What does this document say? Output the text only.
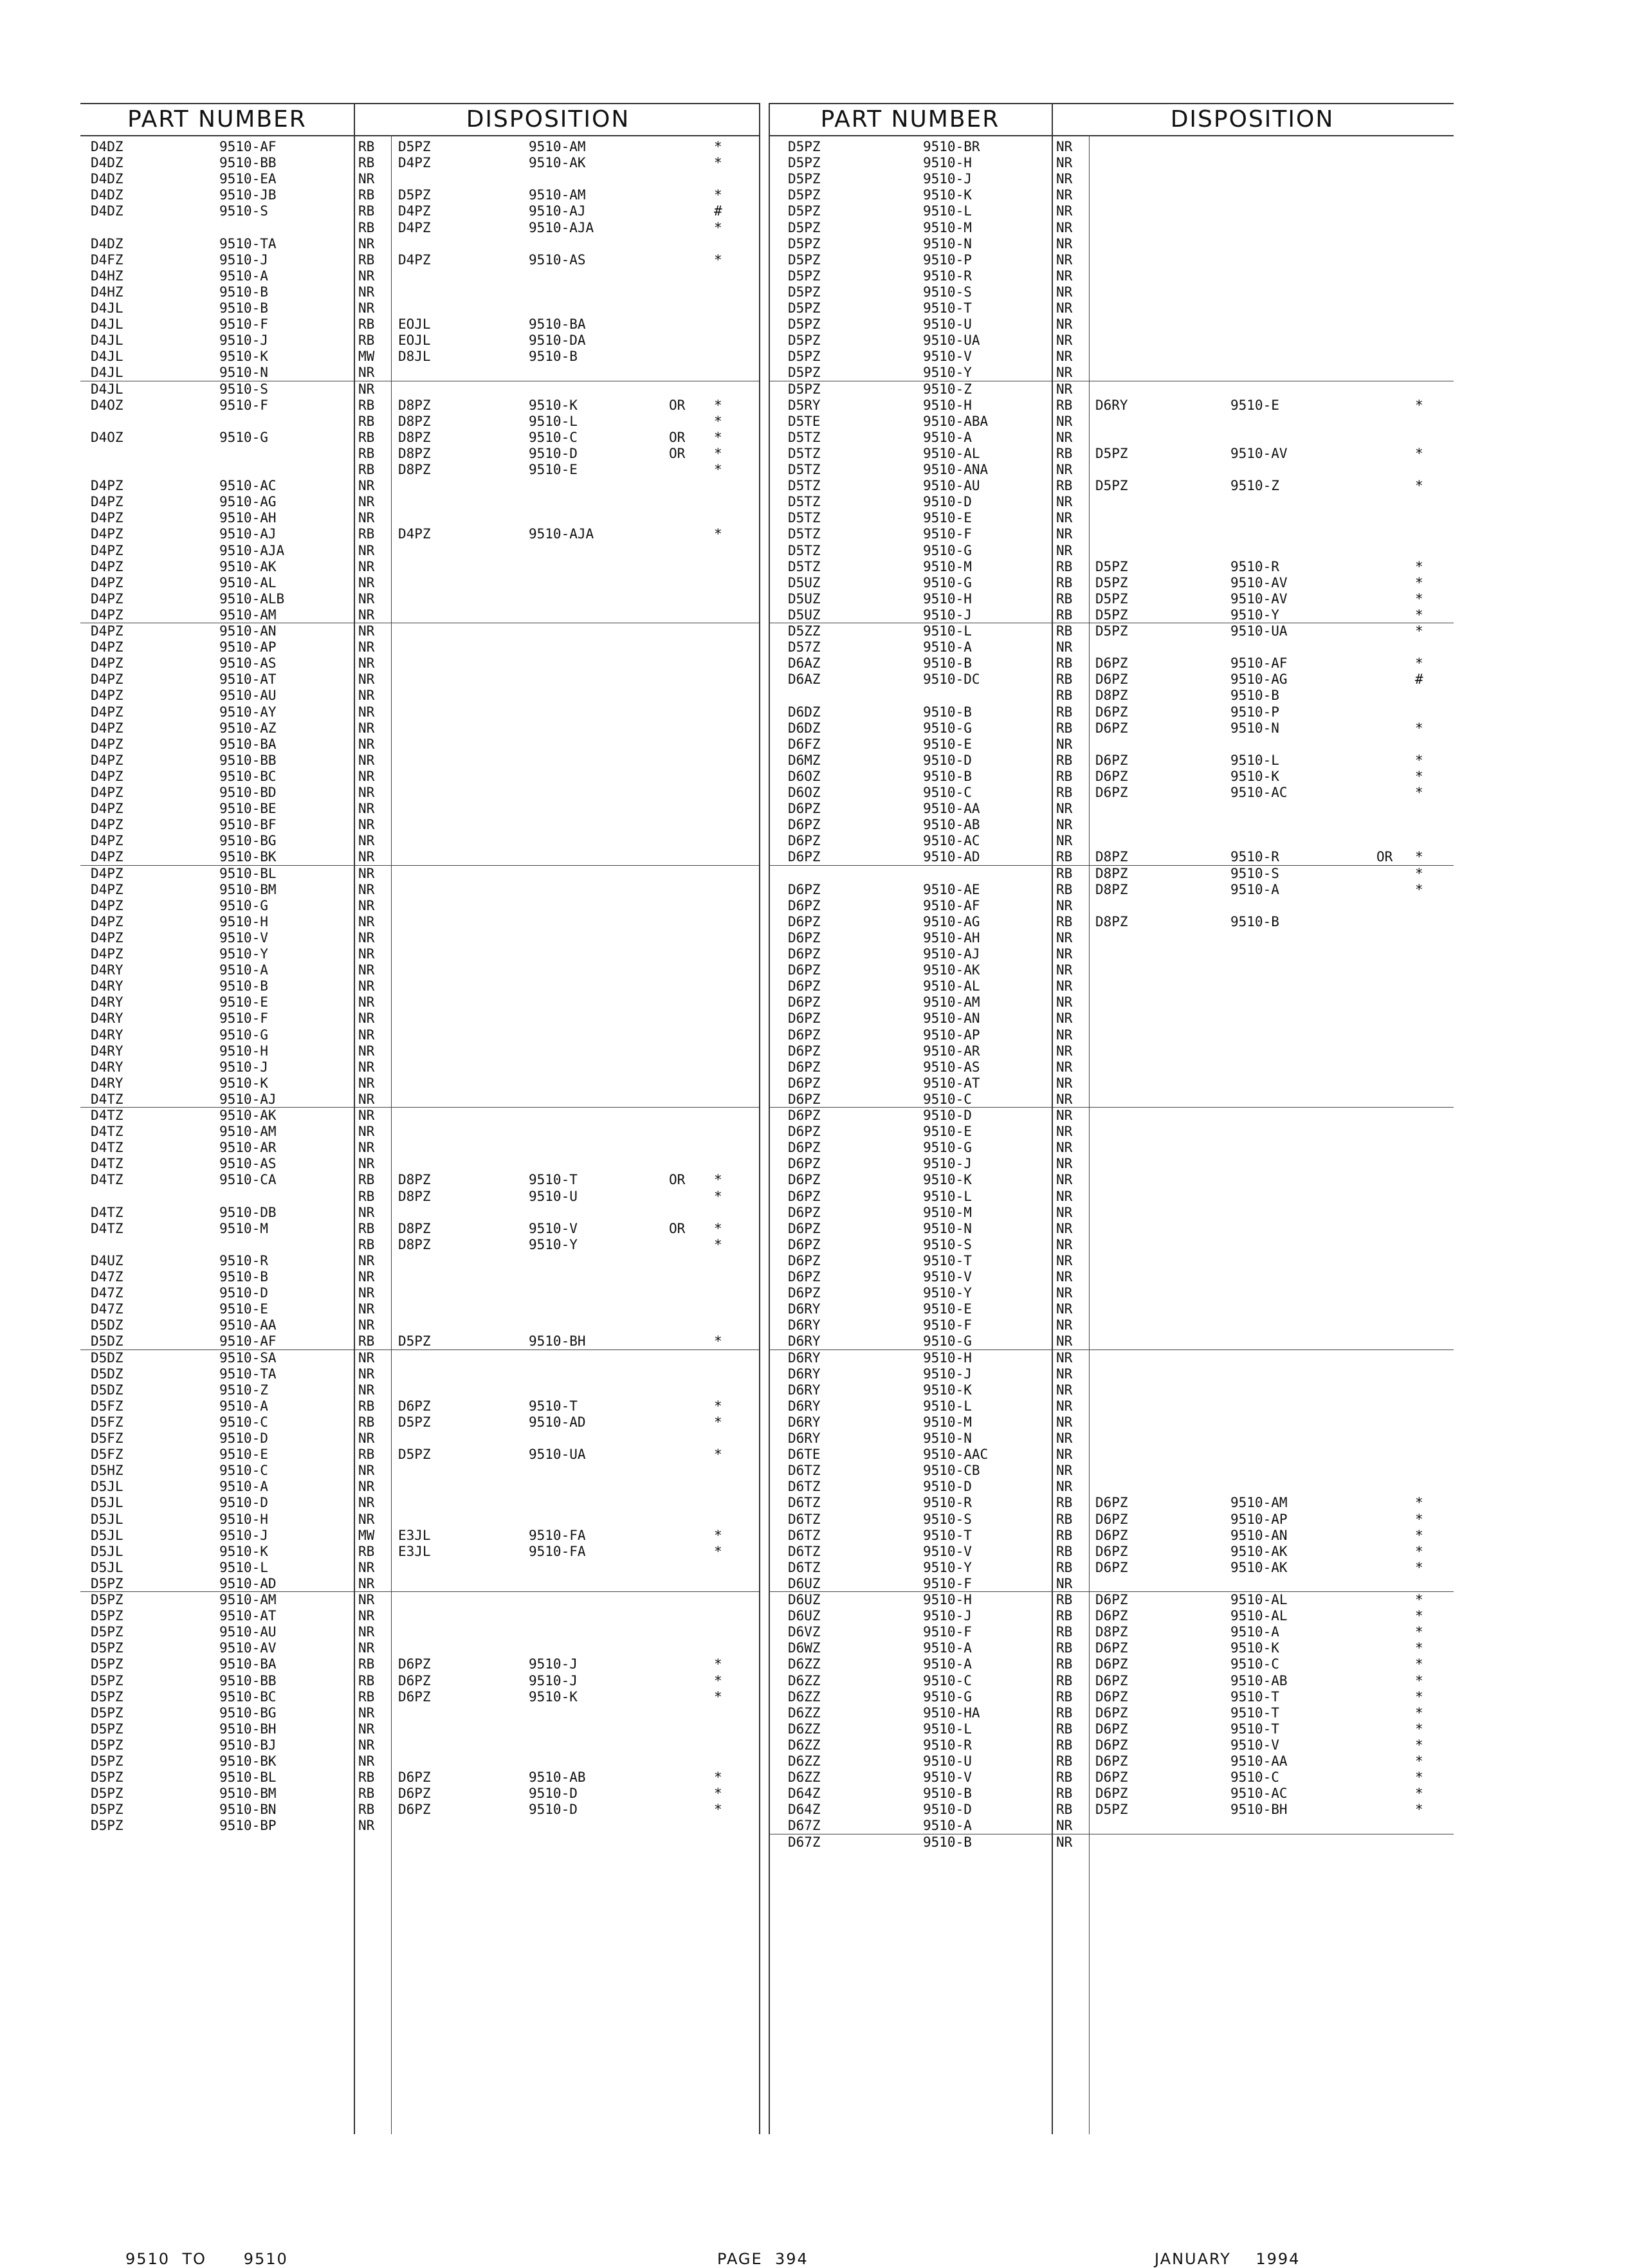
PART NUMBER	DISPOSITION
D4DZ	9510-AF	RB D5PZ	9510-AM	*
D4DZ	9510-BB	RB D4PZ	9510-AK	*
D4DZ	9510-EA	NR
D4DZ	9510-JB	RB D5PZ	9510-AM	*
D4DZ	9510-S	RB D4PZ	9510-AJ	#
RB D4PZ	9510-AJA	*
D4DZ	9510-TA	NR
D4FZ	9510-J	RB D4PZ	9510-AS	*
D4HZ	9510-A	NR
D4HZ	9510-B	NR
D4JL	9510-B	NR
D4JL	9510-F	RB EOJL	9510-BA
D4JL	9510-J	RB EOJL	9510-DA
D4JL	9510-K	MW D8JL	9510-B
D4JL	9510-N	NR
D4JL	9510-S	NR
D4OZ	9510-F	RB D8PZ	9510-K	OR *
RB D8PZ	9510-L	*
D4OZ	9510-G	RB D8PZ	9510-C	OR *
RB D8PZ	9510-D	OR *
RB D8PZ	9510-E	*
D4PZ	9510-AC	NR
D4PZ	9510-AG	NR
D4PZ	9510-AH	NR
D4PZ	9510-AJ	RB D4PZ	9510-AJA	*
D4PZ	9510-AJA	NR
D4PZ	9510-AK	NR
D4PZ	9510-AL	NR
D4PZ	9510-ALB	NR
D4PZ	9510-AM	NR
D4PZ	9510-AN	NR
D4PZ	9510-AP	NR
D4PZ	9510-AS	NR
D4PZ	9510-AT	NR
D4PZ	9510-AU	NR
D4PZ	9510-AY	NR
D4PZ	9510-AZ	NR
D4PZ	9510-BA	NR
D4PZ	9510-BB	NR
D4PZ	9510-BC	NR
D4PZ	9510-BD	NR
D4PZ	9510-BE	NR
D4PZ	9510-BF	NR
D4PZ	9510-BG	NR
D4PZ	9510-BK	NR
D4PZ	9510-BL	NR
D4PZ	9510-BM	NR
D4PZ	9510-G	NR
D4PZ	9510-H	NR
D4PZ	9510-V	NR
D4PZ	9510-Y	NR
D4RY	9510-A	NR
D4RY	9510-B	NR
D4RY	9510-E	NR
D4RY	9510-F	NR
D4RY	9510-G	NR
D4RY	9510-H	NR
D4RY	9510-J	NR
D4RY	9510-K	NR
D4TZ	9510-AJ	NR
D4TZ	9510-AK	NR
D4TZ	9510-AM	NR
D4TZ	9510-AR	NR
D4TZ	9510-AS	NR
D4TZ	9510-CA	RB D8PZ	9510-T	OR *
RB D8PZ	9510-U	*
D4TZ	9510-DB	NR
D4TZ	9510-M	RB D8PZ	9510-V	OR *
RB D8PZ	9510-Y	*
D4UZ	9510-R	NR
D47Z	9510-B	NR
D47Z	9510-D	NR
D47Z	9510-E	NR
D5DZ	9510-AA	NR
D5DZ	9510-AF	RB D5PZ	9510-BH	*
D5DZ	9510-SA	NR
D5DZ	9510-TA	NR
D5DZ	9510-Z	NR
D5FZ	9510-A	RB D6PZ	9510-T	*
D5FZ	9510-C	RB D5PZ	9510-AD	*
D5FZ	9510-D	NR
D5FZ	9510-E	RB D5PZ	9510-UA	*
D5HZ	9510-C	NR
D5JL	9510-A	NR
D5JL	9510-D	NR
D5JL	9510-H	NR
D5JL	9510-J	MW E3JL	9510-FA	*
D5JL	9510-K	RB E3JL	9510-FA	*
D5JL	9510-L	NR
D5PZ	9510-AD	NR
D5PZ	9510-AM	NR
D5PZ	9510-AT	NR
D5PZ	9510-AU	NR
D5PZ	9510-AV	NR
D5PZ	9510-BA	RB D6PZ	9510-J	*
D5PZ	9510-BB	RB D6PZ	9510-J	*
D5PZ	9510-BC	RB D6PZ	9510-K	*
D5PZ	9510-BG	NR
D5PZ	9510-BH	NR
D5PZ	9510-BJ	NR
D5PZ	9510-BK	NR
D5PZ	9510-BL	RB D6PZ	9510-AB	*
D5PZ	9510-BM	RB D6PZ	9510-D	*
D5PZ	9510-BN	RB D6PZ	9510-D	*
D5PZ	9510-BP	NR
PART NUMBER	DISPOSITION
D5PZ	9510-BR	NR
D5PZ	9510-H	NR
D5PZ	9510-J	NR
D5PZ	9510-K	NR
D5PZ	9510-L	NR
D5PZ	9510-M	NR
D5PZ	9510-N	NR
D5PZ	9510-P	NR
D5PZ	9510-R	NR
D5PZ	9510-S	NR
D5PZ	9510-T	NR
D5PZ	9510-U	NR
D5PZ	9510-UA	NR
D5PZ	9510-V	NR
D5PZ	9510-Y	NR
D5PZ	9510-Z	NR
D5RY	9510-H	RB D6RY	9510-E	*
D5TE	9510-ABA	NR
D5TZ	9510-A	NR
D5TZ	9510-AL	RB D5PZ	9510-AV	*
D5TZ	9510-ANA	NR
D5TZ	9510-AU	RB D5PZ	9510-Z	*
D5TZ	9510-D	NR
D5TZ	9510-E	NR
D5TZ	9510-F	NR
D5TZ	9510-G	NR
D5TZ	9510-M	RB D5PZ	9510-R	*
D5UZ	9510-G	RB D5PZ	9510-AV	*
D5UZ	9510-H	RB D5PZ	9510-AV	*
D5UZ	9510-J	RB D5PZ	9510-Y	*
D5ZZ	9510-L	RB D5PZ	9510-UA	*
D57Z	9510-A	NR
D6AZ	9510-B	RB D6PZ	9510-AF	*
D6AZ	9510-DC	RB D6PZ	9510-AG	#
RB D8PZ	9510-B
D6DZ	9510-B	RB D6PZ	9510-P
D6DZ	9510-G	RB D6PZ	9510-N	*
D6FZ	9510-E	NR
D6MZ	9510-D	RB D6PZ	9510-L	*
D6OZ	9510-B	RB D6PZ	9510-K	*
D6OZ	9510-C	RB D6PZ	9510-AC	*
D6PZ	9510-AA	NR
D6PZ	9510-AB	NR
D6PZ	9510-AC	NR
D6PZ	9510-AD	RB D8PZ	9510-R	OR *
RB D8PZ	9510-S	*
D6PZ	9510-AE	RB D8PZ	9510-A	*
D6PZ	9510-AF	NR
D6PZ	9510-AG	RB D8PZ	9510-B
D6PZ	9510-AH	NR
D6PZ	9510-AJ	NR
D6PZ	9510-AK	NR
D6PZ	9510-AL	NR
D6PZ	9510-AM	NR
D6PZ	9510-AN	NR
D6PZ	9510-AP	NR
D6PZ	9510-AR	NR
D6PZ	9510-AS	NR
D6PZ	9510-AT	NR
D6PZ	9510-C	NR
D6PZ	9510-D	NR
D6PZ	9510-E	NR
D6PZ	9510-G	NR
D6PZ	9510-J	NR
D6PZ	9510-K	NR
D6PZ	9510-L	NR
D6PZ	9510-M	NR
D6PZ	9510-N	NR
D6PZ	9510-S	NR
D6PZ	9510-T	NR
D6PZ	9510-V	NR
D6PZ	9510-Y	NR
D6RY	9510-E	NR
D6RY	9510-F	NR
D6RY	9510-G	NR
D6RY	9510-H	NR
D6RY	9510-J	NR
D6RY	9510-K	NR
D6RY	9510-L	NR
D6RY	9510-M	NR
D6RY	9510-N	NR
D6TE	9510-AAC	NR
D6TZ	9510-CB	NR
D6TZ	9510-D	NR
D6TZ	9510-R	RB D6PZ	9510-AM	*
D6TZ	9510-S	RB D6PZ	9510-AP	*
D6TZ	9510-T	RB D6PZ	9510-AN	*
D6TZ	9510-V	RB D6PZ	9510-AK	*
D6TZ	9510-Y	RB D6PZ	9510-AK	*
D6UZ	9510-F	NR
D6UZ	9510-H	RB D6PZ	9510-AL	*
D6UZ	9510-J	RB D6PZ	9510-AL	*
D6VZ	9510-F	RB D8PZ	9510-A	*
D6WZ	9510-A	RB D6PZ	9510-K	*
D6ZZ	9510-A	RB D6PZ	9510-C	*
D6ZZ	9510-C	RB D6PZ	9510-AB	*
D6ZZ	9510-G	RB D6PZ	9510-T	*
D6ZZ	9510-HA	RB D6PZ	9510-T	*
D6ZZ	9510-L	RB D6PZ	9510-T	*
D6ZZ	9510-R	RB D6PZ	9510-V	*
D6ZZ	9510-U	RB D6PZ	9510-AA	*
D6ZZ	9510-V	RB D6PZ	9510-C	*
D64Z	9510-B	RB D6PZ	9510-AC	*
D64Z	9510-D	RB D5PZ	9510-BH	*
D67Z	9510-A	NR
D67Z	9510-B	NR
9510 TO 9510	PAGE 394	JANUARY 1994
